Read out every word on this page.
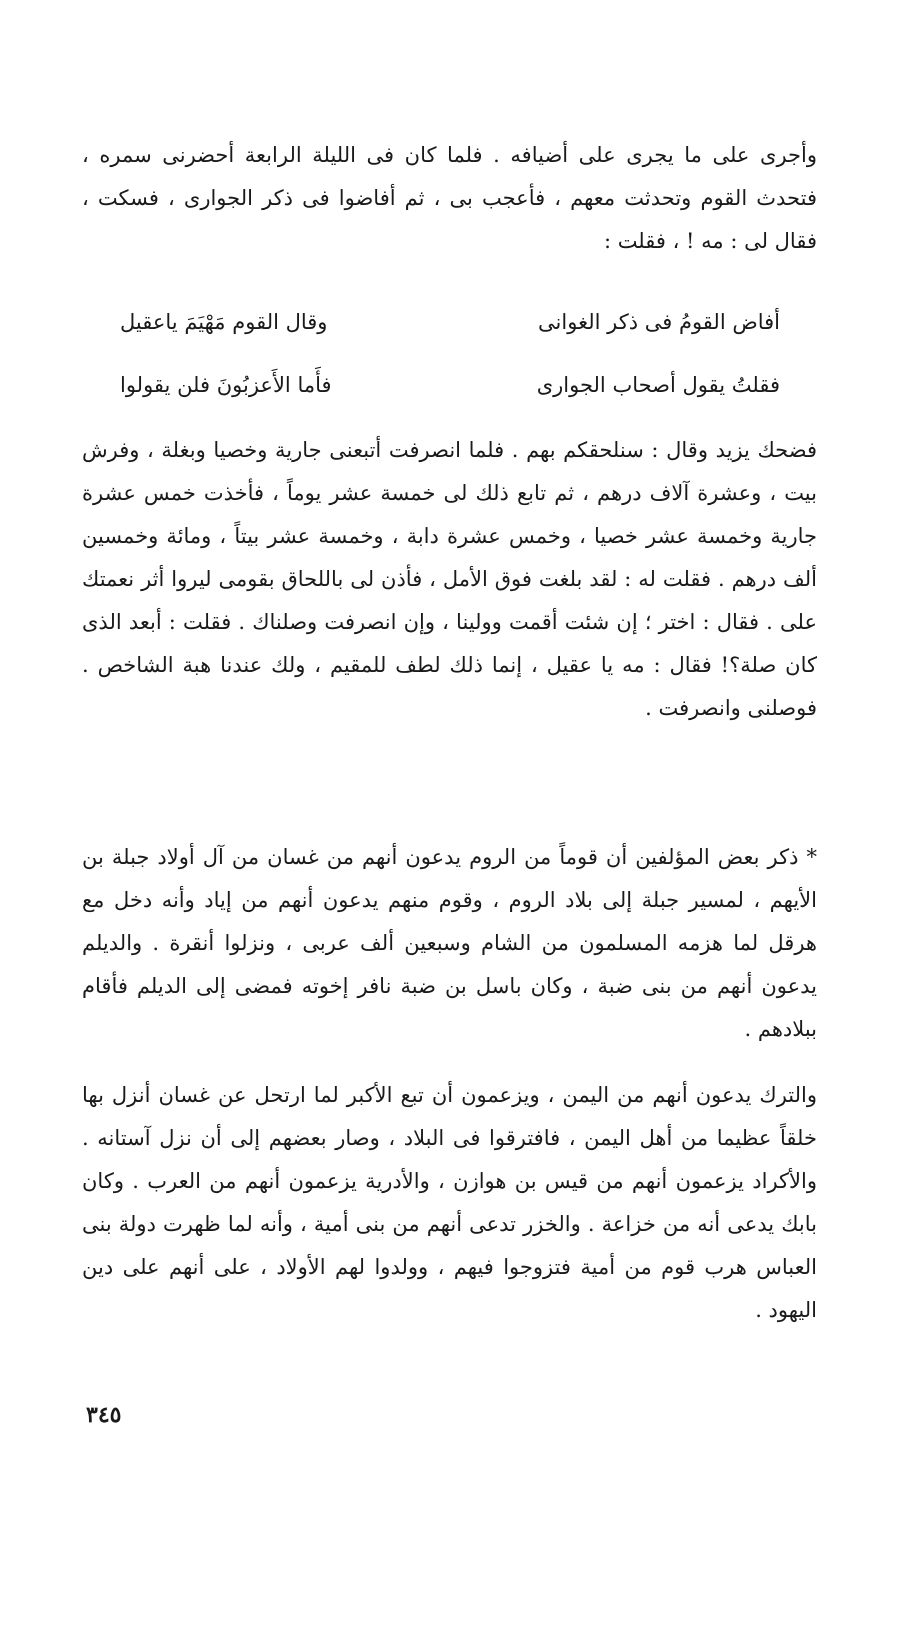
وأجرى على ما يجرى على أضيافه . فلما كان فى الليلة الرابعة أحضرنى سمره ، فتحدث القوم وتحدثت معهم ، فأعجب بى ، ثم أفاضوا فى ذكر الجوارى ، فسكت ، فقال لى : مه ! ، فقلت :

أفاض القومُ فى ذكر الغوانى
وقال القوم مَهْيَمَ ياعقيل
فقلتُ يقول أصحاب الجوارى
فأَما الأَعزبُونَ فلن يقولوا

فضحك يزيد وقال : سنلحقكم بهم . فلما انصرفت أتبعنى جارية وخصيا وبغلة ، وفرش بيت ، وعشرة آلاف درهم ، ثم تابع ذلك لى خمسة عشر يوماً ، فأخذت خمس عشرة جارية وخمسة عشر خصيا ، وخمس عشرة دابة ، وخمسة عشر بيتاً ، ومائة وخمسين ألف درهم . فقلت له : لقد بلغت فوق الأمل ، فأذن لى باللحاق بقومى ليروا أثر نعمتك على . فقال : اختر ؛ إن شئت أقمت وولينا ، وإن انصرفت وصلناك . فقلت : أبعد الذى كان صلة؟! فقال : مه يا عقيل ، إنما ذلك لطف للمقيم ، ولك عندنا هبة الشاخص . فوصلنى وانصرفت .

* ذكر بعض المؤلفين أن قوماً من الروم يدعون أنهم من غسان من آل أولاد جبلة بن الأيهم ، لمسير جبلة إلى بلاد الروم ، وقوم منهم يدعون أنهم من إياد وأنه دخل مع هرقل لما هزمه المسلمون من الشام وسبعين ألف عربى ، ونزلوا أنقرة . والديلم يدعون أنهم من بنى ضبة ، وكان باسل بن ضبة نافر إخوته فمضى إلى الديلم فأقام ببلادهم .

والترك يدعون أنهم من اليمن ، ويزعمون أن تبع الأكبر لما ارتحل عن غسان أنزل بها خلقاً عظيما من أهل اليمن ، فافترقوا فى البلاد ، وصار بعضهم إلى أن نزل آستانه . والأكراد يزعمون أنهم من قيس بن هوازن ، والأدرية يزعمون أنهم من العرب . وكان بابك يدعى أنه من خزاعة . والخزر تدعى أنهم من بنى أمية ، وأنه لما ظهرت دولة بنى العباس هرب قوم من أمية فتزوجوا فيهم ، وولدوا لهم الأولاد ، على أنهم على دين اليهود .

٣٤٥
